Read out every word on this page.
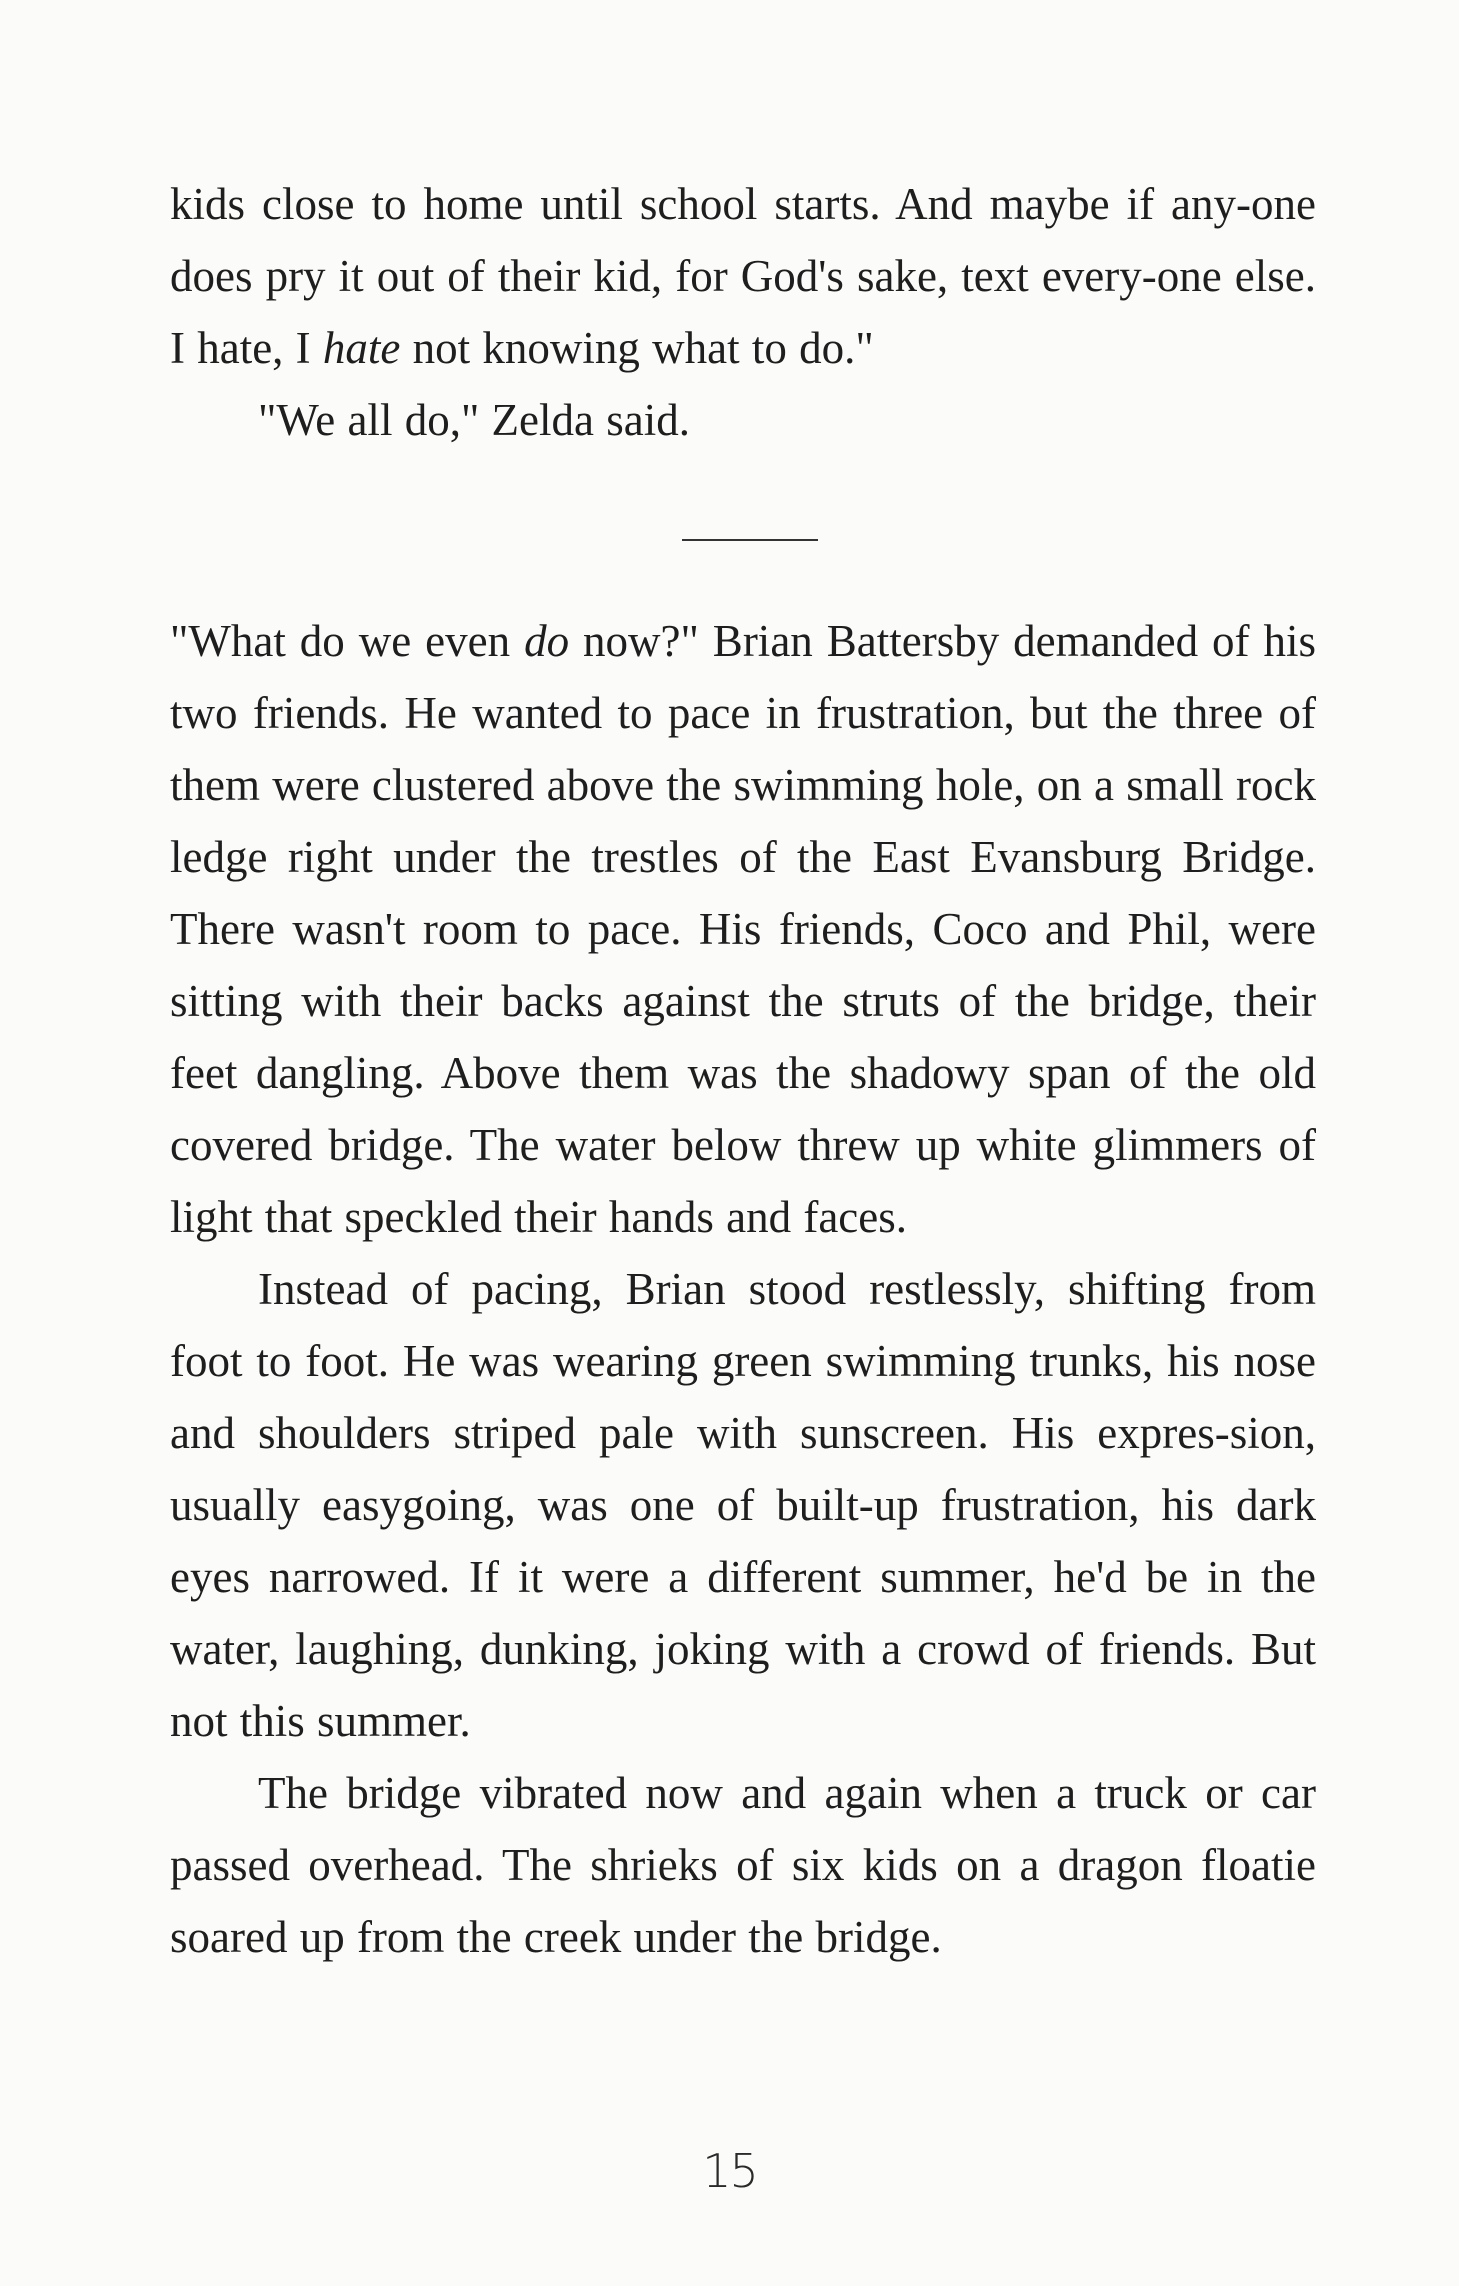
kids close to home until school starts. And maybe if any-one does pry it out of their kid, for God's sake, text every-one else. I hate, I hate not knowing what to do."

"We all do," Zelda said.

"What do we even do now?" Brian Battersby demanded of his two friends. He wanted to pace in frustration, but the three of them were clustered above the swimming hole, on a small rock ledge right under the trestles of the East Evansburg Bridge. There wasn't room to pace. His friends, Coco and Phil, were sitting with their backs against the struts of the bridge, their feet dangling. Above them was the shadowy span of the old covered bridge. The water below threw up white glimmers of light that speckled their hands and faces.

Instead of pacing, Brian stood restlessly, shifting from foot to foot. He was wearing green swimming trunks, his nose and shoulders striped pale with sunscreen. His expres-sion, usually easygoing, was one of built-up frustration, his dark eyes narrowed. If it were a different summer, he'd be in the water, laughing, dunking, joking with a crowd of friends. But not this summer.

The bridge vibrated now and again when a truck or car passed overhead. The shrieks of six kids on a dragon floatie soared up from the creek under the bridge.

15
